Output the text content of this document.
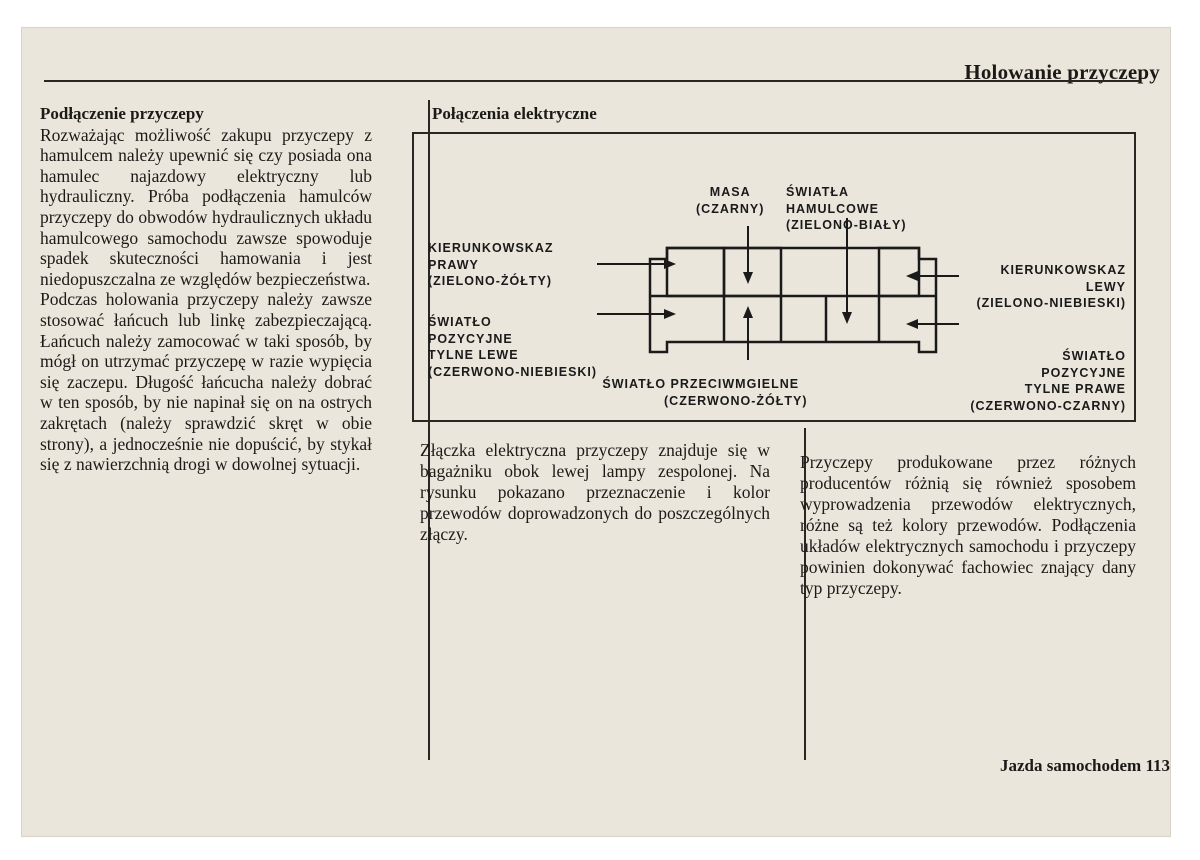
Holowanie przyczepy
Podłączenie przyczepy

Rozważając możliwość zakupu przyczepy z hamulcem należy upewnić się czy posiada ona hamulec najazdowy elektryczny lub hydrauliczny. Próba podłączenia hamulców przyczepy do obwodów hydraulicznych układu hamulcowego samochodu zawsze spowoduje spadek skuteczności hamowania i jest niedopuszczalna ze względów bezpieczeństwa.

Podczas holowania przyczepy należy zawsze stosować łańcuch lub linkę zabezpieczającą. Łańcuch należy zamocować w taki sposób, by mógł on utrzymać przyczepę w razie wypięcia się zaczepu. Długość łańcucha należy dobrać w ten sposób, by nie napinał się on na ostrych zakrętach (należy sprawdzić skręt w obie strony), a jednocześnie nie dopuścić, by stykał się z nawierzchnią drogi w dowolnej sytuacji.

Połączenia elektryczne
MASA
(CZARNY)
ŚWIATŁA
HAMULCOWE
(ZIELONO-BIAŁY)
KIERUNKOWSKAZ
PRAWY
(ZIELONO-ŻÓŁTY)
ŚWIATŁO
POZYCYJNE
TYLNE LEWE
(CZERWONO-NIEBIESKI)
KIERUNKOWSKAZ
LEWY
(ZIELONO-NIEBIESKI)
ŚWIATŁO
POZYCYJNE
TYLNE PRAWE
(CZERWONO-CZARNY)
ŚWIATŁO PRZECIWMGIELNE
(CZERWONO-ŻÓŁTY)
Złączka elektryczna przyczepy znajduje się w bagażniku obok lewej lampy zespolonej. Na rysunku pokazano przeznaczenie i kolor przewodów doprowadzonych do poszczególnych złączy.
Przyczepy produkowane przez różnych producentów różnią się również sposobem wyprowadzenia przewodów elektrycznych, różne są też kolory przewodów. Podłączenia układów elektrycznych samochodu i przyczepy powinien dokonywać fachowiec znający dany typ przyczepy.
Jazda samochodem 113
